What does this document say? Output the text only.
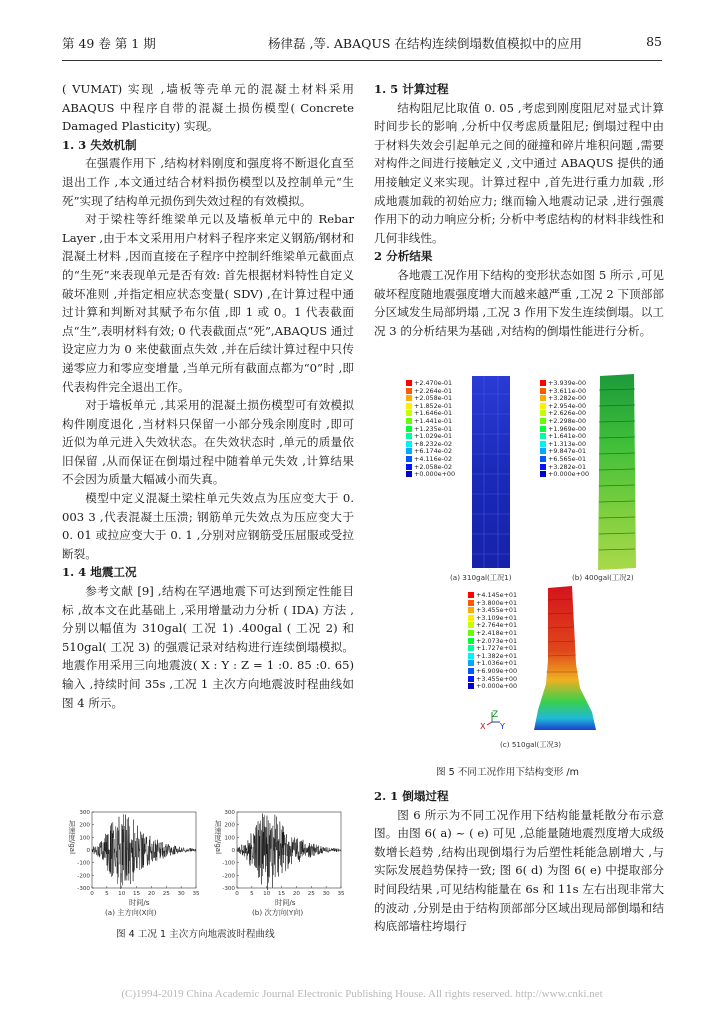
第 49 卷 第 1 期	杨律磊 ,等. ABAQUS 在结构连续倒塌数值模拟中的应用	85

( VUMAT) 实现 ,墙板等壳单元的混凝土材料采用 ABAQUS 中程序自带的混凝土损伤模型( Concrete Damaged Plasticity) 实现。

1. 3 失效机制

在强震作用下 ,结构材料刚度和强度将不断退化直至退出工作 ,本文通过结合材料损伤模型以及控制单元“生死”实现了结构单元损伤到失效过程的有效模拟。

对于梁柱等纤维梁单元以及墙板单元中的 Rebar Layer ,由于本文采用用户材料子程序来定义钢筋/钢材和混凝土材料 ,因而直接在子程序中控制纤维梁单元截面点的“生死”来表现单元是否有效: 首先根据材料特性自定义破坏准则 ,并指定相应状态变量( SDV) ,在计算过程中通过计算和判断对其赋予布尔值 ,即 1 或 0。1 代表截面点“生”,表明材料有效; 0 代表截面点“死”,ABAQUS 通过设定应力为 0 来使截面点失效 ,并在后续计算过程中只传递零应力和零应变增量 ,当单元所有截面点都为“0”时 ,即代表构件完全退出工作。

对于墙板单元 ,其采用的混凝土损伤模型可有效模拟构件刚度退化 ,当材料只保留一小部分残余刚度时 ,即可近似为单元进入失效状态。在失效状态时 ,单元的质量依旧保留 ,从而保证在倒塌过程中随着单元失效 ,计算结果不会因为质量大幅减小而失真。

模型中定义混凝土梁柱单元失效点为压应变大于 0. 003 3 ,代表混凝土压溃; 钢筋单元失效点为压应变大于 0. 01 或拉应变大于 0. 1 ,分别对应钢筋受压屈服或受拉断裂。

1. 4 地震工况

参考文献 [9] ,结构在罕遇地震下可达到预定性能目标 ,故本文在此基础上 ,采用增量动力分析 ( IDA) 方法 ,分别以幅值为 310gal( 工况 1) .400gal ( 工况 2) 和 510gal( 工况 3) 的强震记录对结构进行连续倒塌模拟。地震作用采用三向地震波( X : Y : Z = 1 :0. 85 :0. 65) 输入 ,持续时间 35s ,工况 1 主次方向地震波时程曲线如图 4 所示。

300
200
100
0
-100
-200
-300
0 5 10 15 20 25 30 35
300
200
100
0
-100
-200
-300
0 5 10 15 20 25 30 35
加速度/gal	加速度/gal
时间/s	时间/s
(a) 主方向(X向)	(b) 次方向(Y向)
图 4 工况 1 主次方向地震波时程曲线

1. 5 计算过程

结构阻尼比取值 0. 05 ,考虑到刚度阻尼对显式计算时间步长的影响 ,分析中仅考虑质量阻尼; 倒塌过程中由于材料失效会引起单元之间的碰撞和碎片堆积问题 ,需要对构件之间进行接触定义 ,文中通过 ABAQUS 提供的通用接触定义来实现。计算过程中 ,首先进行重力加载 ,形成地震加载的初始应力; 继而输入地震动记录 ,进行强震作用下的动力响应分析; 分析中考虑结构的材料非线性和几何非线性。

2 分析结果

各地震工况作用下结构的变形状态如图 5 所示 ,可见破坏程度随地震强度增大而越来越严重 ,工况 2 下顶部部分区域发生局部坍塌 ,工况 3 作用下发生连续倒塌。以工况 3 的分析结果为基础 ,对结构的倒塌性能进行分析。

+2.470e-01
+2.264e-01
+2.058e-01
+1.852e-01
+1.646e-01
+1.441e-01
+1.235e-01
+1.029e-01
+8.232e-02
+6.174e-02
+4.116e-02
+2.058e-02
+0.000e+00
(a) 310gal(工况1)
+3.939e-00
+3.611e-00
+3.282e-00
+2.954e-00
+2.626e-00
+2.298e-00
+1.969e-00
+1.641e-00
+1.313e-00
+9.847e-01
+6.565e-01
+3.282e-01
+0.000e+00
(b) 400gal(工况2)
+4.145e+01
+3.800e+01
+3.455e+01
+3.109e+01
+2.764e+01
+2.418e+01
+2.073e+01
+1.727e+01
+1.382e+01
+1.036e+01
+6.909e+00
+3.455e+00
+0.000e+00
Z
X Y
(c) 510gal(工况3)
图 5 不同工况作用下结构变形 /m

2. 1 倒塌过程

图 6 所示为不同工况作用下结构能量耗散分布示意图。由图 6( a) ~ ( e) 可见 ,总能量随地震烈度增大成级数增长趋势 ,结构出现倒塌行为后塑性耗能急剧增大 ,与实际发展趋势保持一致; 图 6( d) 为图 6( e) 中提取部分时间段结果 ,可见结构能量在 6s 和 11s 左右出现非常大的波动 ,分别是由于结构顶部部分区域出现局部倒塌和结构底部墙柱垮塌行

(C)1994-2019 China Academic Journal Electronic Publishing House. All rights reserved. http://www.cnki.net
